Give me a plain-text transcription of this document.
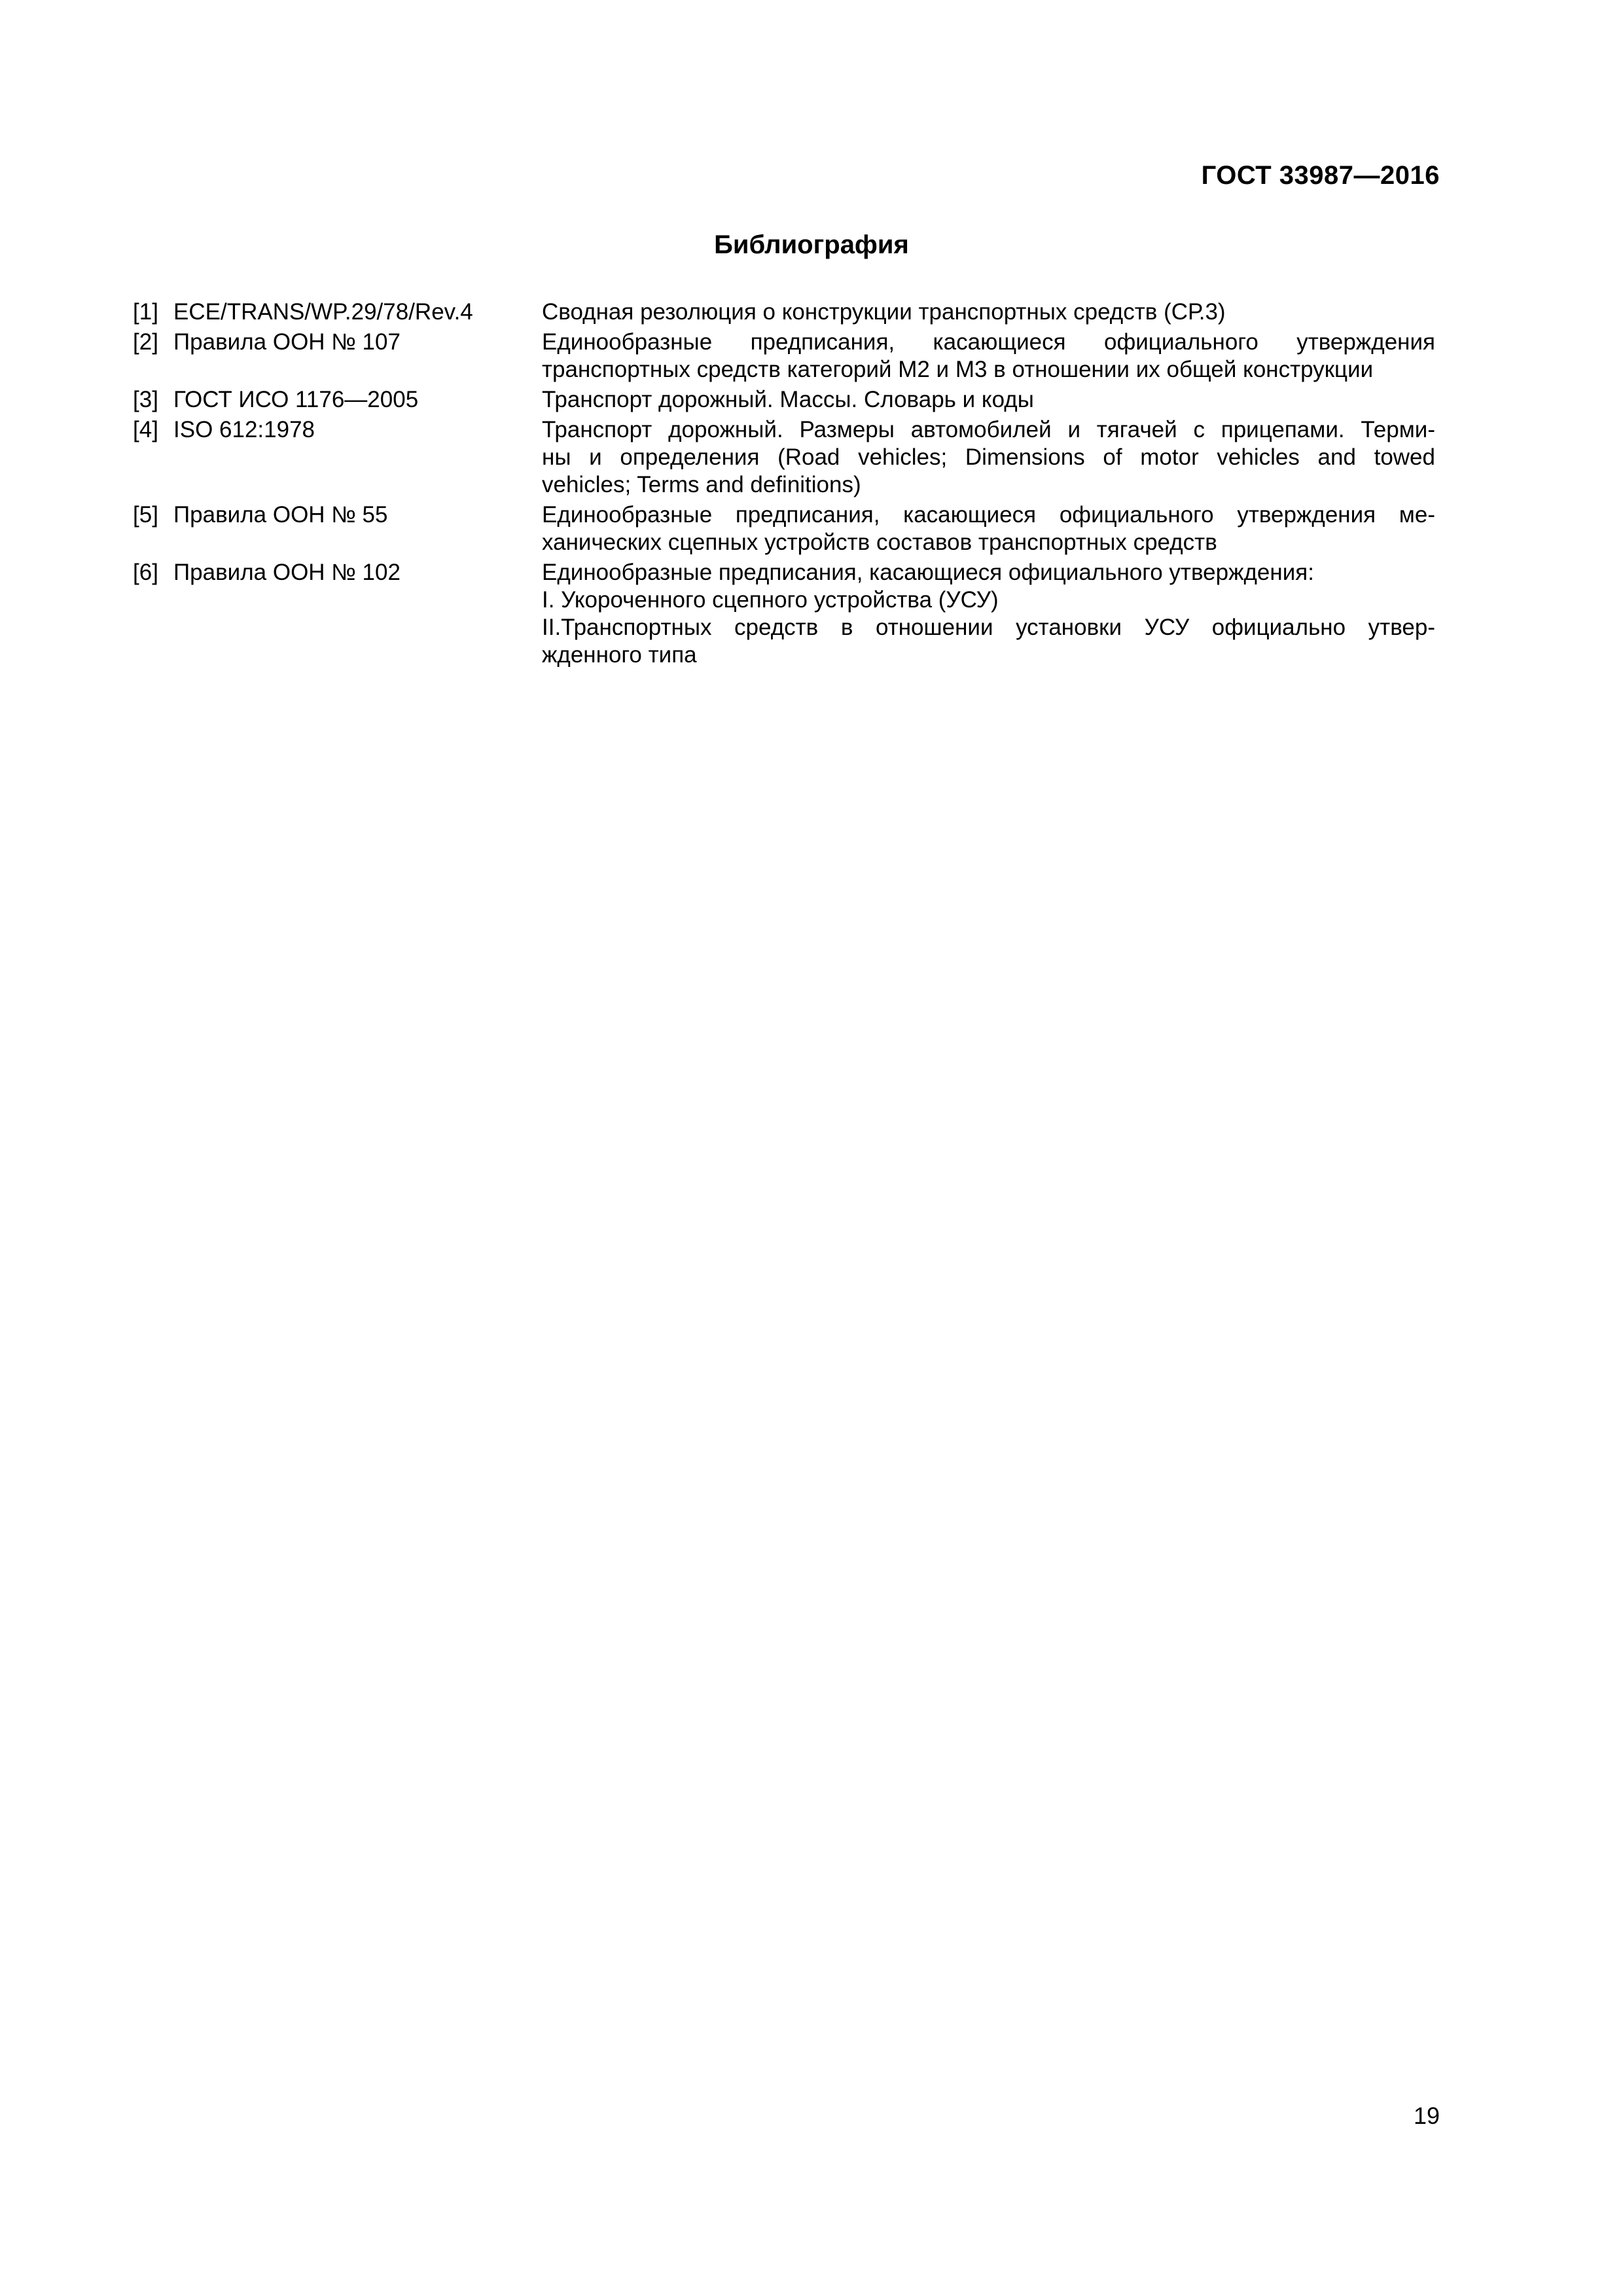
ГОСТ 33987—2016
Библиография
[1] ECE/TRANS/WP.29/78/Rev.4	Сводная резолюция о конструкции транспортных средств (СР.3)
[2] Правила ООН № 107	Единообразные предписания, касающиеся официального утверждения
транспортных средств категорий М2 и М3 в отношении их общей конструкции
[3] ГОСТ ИСО 1176—2005	Транспорт дорожный. Массы. Словарь и коды
[4] ISO 612:1978	Транспорт дорожный. Размеры автомобилей и тягачей с прицепами. Терми-
ны и определения (Road vehicles; Dimensions of motor vehicles and towed
vehicles; Terms and definitions)
[5] Правила ООН № 55	Единообразные предписания, касающиеся официального утверждения ме-
ханических сцепных устройств составов транспортных средств
[6] Правила ООН № 102	Единообразные предписания, касающиеся официального утверждения:
I. Укороченного сцепного устройства (УСУ)
II.Транспортных средств в отношении установки УСУ официально утвер-
жденного типа
19
